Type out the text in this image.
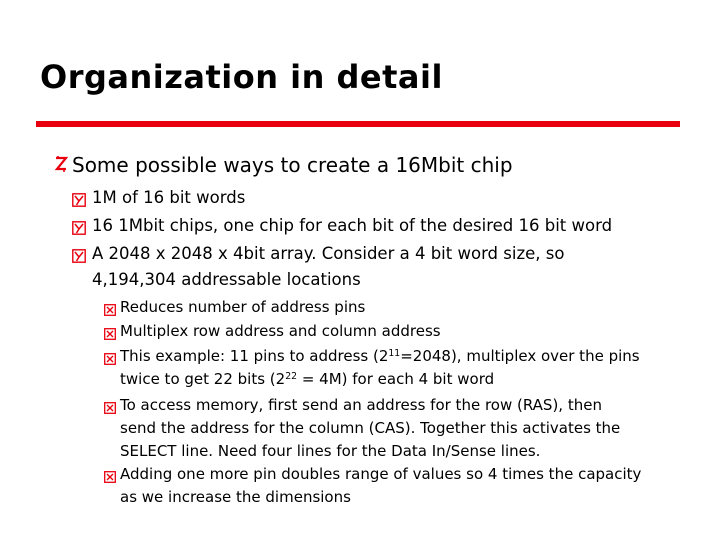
Organization in detail
Some possible ways to create a 16Mbit chip
1M of 16 bit words
16 1Mbit chips, one chip for each bit of the desired 16 bit word
A 2048 x 2048 x 4bit array. Consider a 4 bit word size, so
4,194,304 addressable locations
Reduces number of address pins
Multiplex row address and column address
This example: 11 pins to address $(2^{11}=2048)$, multiplex over the pins
twice to get 22 bits $(2^{22} = 4M)$ for each 4 bit word
To access memory, first send an address for the row (RAS), then
send the address for the column (CAS). Together this activates the
SELECT line. Need four lines for the Data In/Sense lines.
Adding one more pin doubles range of values so 4 times the capacity
as we increase the dimensions
